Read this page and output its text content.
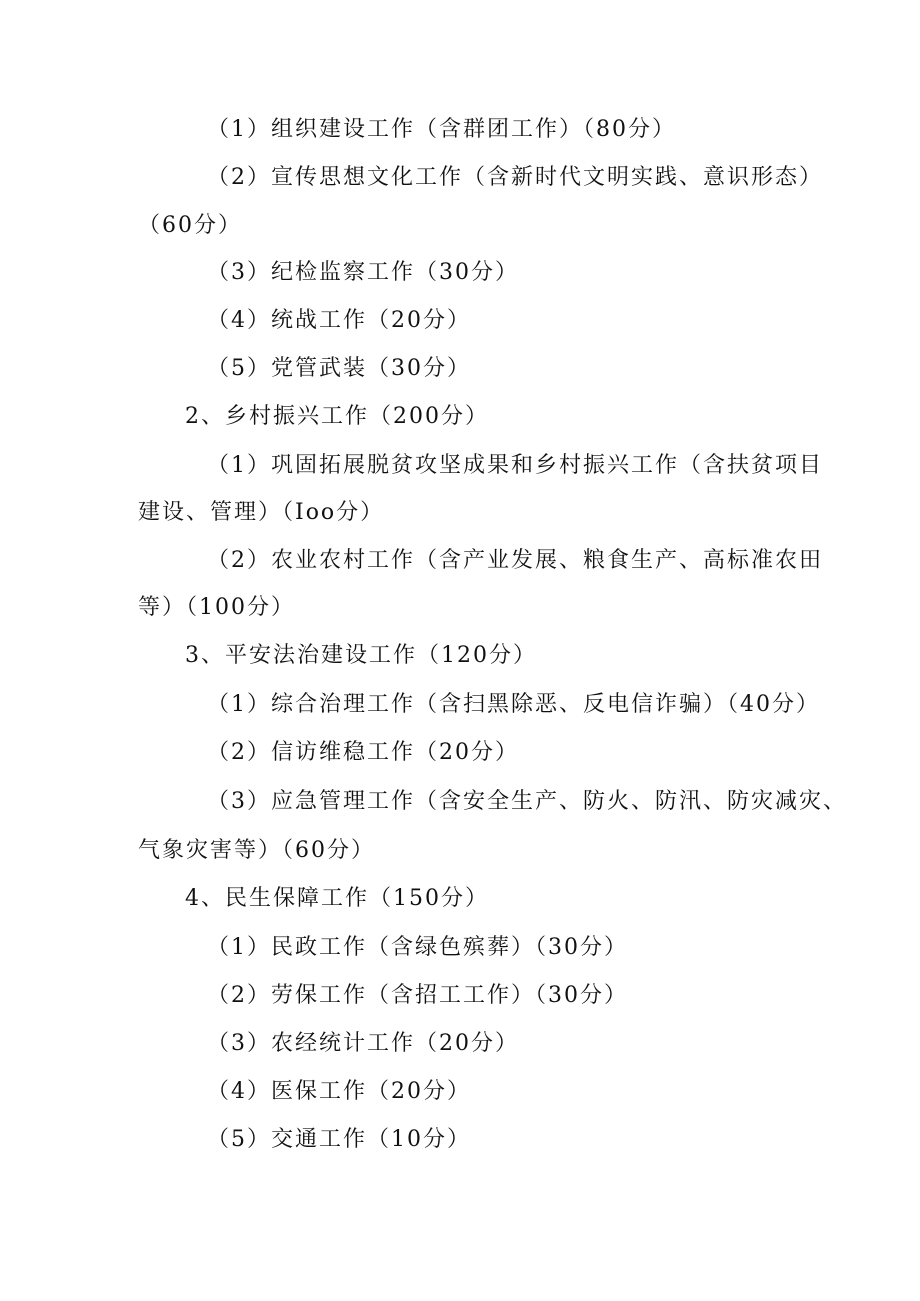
（1）组织建设工作（含群团工作）（80分）
（2）宣传思想文化工作（含新时代文明实践、意识形态）
（60分）
（3）纪检监察工作（30分）
（4）统战工作（20分）
（5）党管武装（30分）
2、乡村振兴工作（200分）
（1）巩固拓展脱贫攻坚成果和乡村振兴工作（含扶贫项目
建设、管理）（Ioo分）
（2）农业农村工作（含产业发展、粮食生产、高标准农田
等）（100分）
3、平安法治建设工作（120分）
（1）综合治理工作（含扫黑除恶、反电信诈骗）（40分）
（2）信访维稳工作（20分）
（3）应急管理工作（含安全生产、防火、防汛、防灾减灾、
气象灾害等）（60分）
4、民生保障工作（150分）
（1）民政工作（含绿色殡葬）（30分）
（2）劳保工作（含招工工作）（30分）
（3）农经统计工作（20分）
（4）医保工作（20分）
（5）交通工作（10分）
